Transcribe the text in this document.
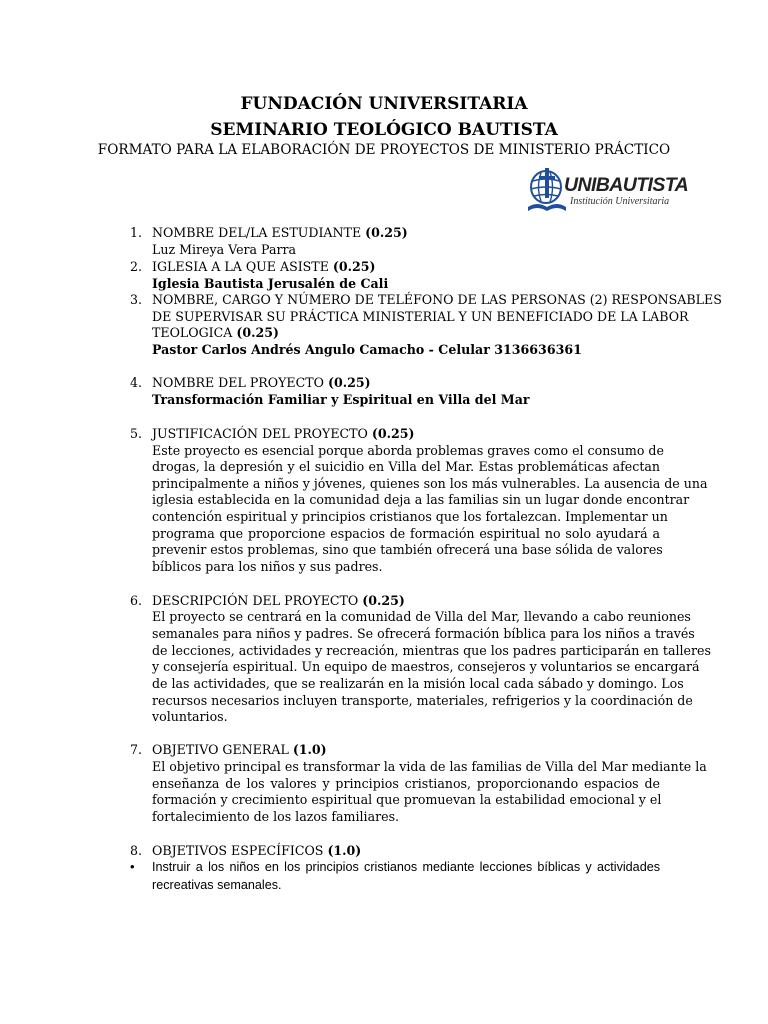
FUNDACIÓN UNIVERSITARIA
SEMINARIO TEOLÓGICO BAUTISTA
FORMATO PARA LA ELABORACIÓN DE PROYECTOS DE MINISTERIO PRÁCTICO
UNIBAUTISTA
Institución Universitaria
1. NOMBRE DEL/LA ESTUDIANTE (0.25)
Luz Mireya Vera Parra
2. IGLESIA A LA QUE ASISTE (0.25)
Iglesia Bautista Jerusalén de Cali
3. NOMBRE, CARGO Y NÚMERO DE TELÉFONO DE LAS PERSONAS (2) RESPONSABLES
DE SUPERVISAR SU PRÁCTICA MINISTERIAL Y UN BENEFICIADO DE LA LABOR
TEOLOGICA (0.25)
Pastor Carlos Andrés Angulo Camacho - Celular 3136636361
4. NOMBRE DEL PROYECTO (0.25)
Transformación Familiar y Espiritual en Villa del Mar
5. JUSTIFICACIÓN DEL PROYECTO (0.25)
Este proyecto es esencial porque aborda problemas graves como el consumo de
drogas, la depresión y el suicidio en Villa del Mar. Estas problemáticas afectan
principalmente a niños y jóvenes, quienes son los más vulnerables. La ausencia de una
iglesia establecida en la comunidad deja a las familias sin un lugar donde encontrar
contención espiritual y principios cristianos que los fortalezcan. Implementar un
programa que proporcione espacios de formación espiritual no solo ayudará a
prevenir estos problemas, sino que también ofrecerá una base sólida de valores
bíblicos para los niños y sus padres.
6. DESCRIPCIÓN DEL PROYECTO (0.25)
El proyecto se centrará en la comunidad de Villa del Mar, llevando a cabo reuniones
semanales para niños y padres. Se ofrecerá formación bíblica para los niños a través
de lecciones, actividades y recreación, mientras que los padres participarán en talleres
y consejería espiritual. Un equipo de maestros, consejeros y voluntarios se encargará
de las actividades, que se realizarán en la misión local cada sábado y domingo. Los
recursos necesarios incluyen transporte, materiales, refrigerios y la coordinación de
voluntarios.
7. OBJETIVO GENERAL (1.0)
El objetivo principal es transformar la vida de las familias de Villa del Mar mediante la
enseñanza de los valores y principios cristianos, proporcionando espacios de
formación y crecimiento espiritual que promuevan la estabilidad emocional y el
fortalecimiento de los lazos familiares.
8. OBJETIVOS ESPECÍFICOS (1.0)
• Instruir a los niños en los principios cristianos mediante lecciones bíblicas y actividades
recreativas semanales.
